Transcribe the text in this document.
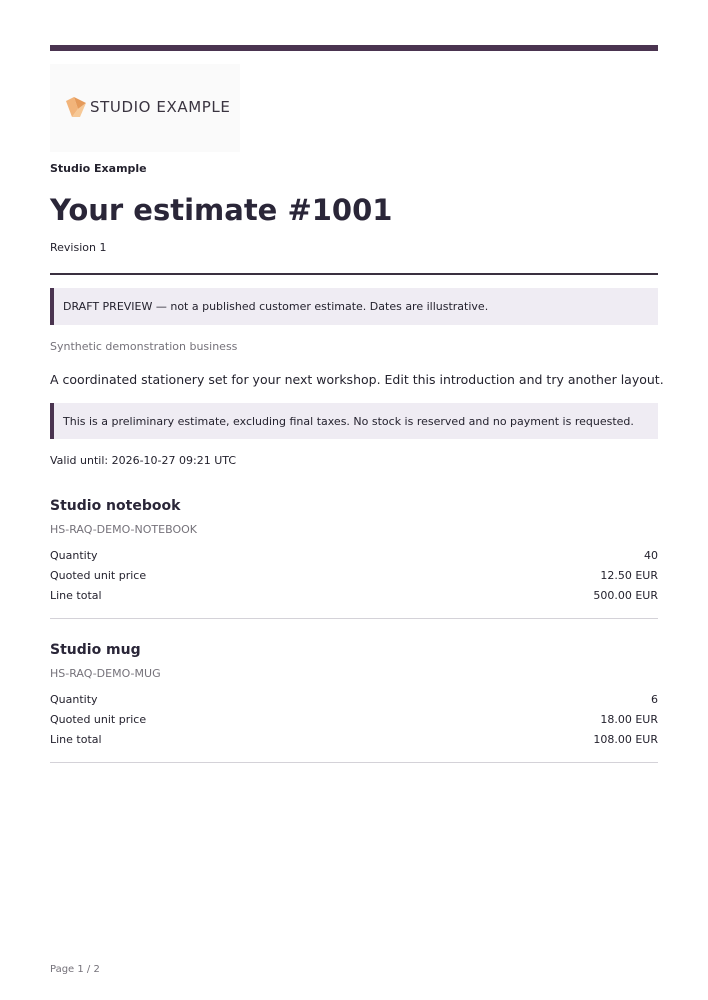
STUDIO EXAMPLE
Studio Example
Your estimate #1001
Revision 1
DRAFT PREVIEW — not a published customer estimate. Dates are illustrative.
Synthetic demonstration business
A coordinated stationery set for your next workshop. Edit this introduction and try another layout.
This is a preliminary estimate, excluding final taxes. No stock is reserved and no payment is requested.
Valid until: 2026-10-27 09:21 UTC
Studio notebook
HS-RAQ-DEMO-NOTEBOOK
Quantity	40
Quoted unit price	12.50 EUR
Line total	500.00 EUR
Studio mug
HS-RAQ-DEMO-MUG
Quantity	6
Quoted unit price	18.00 EUR
Line total	108.00 EUR
Page 1 / 2
